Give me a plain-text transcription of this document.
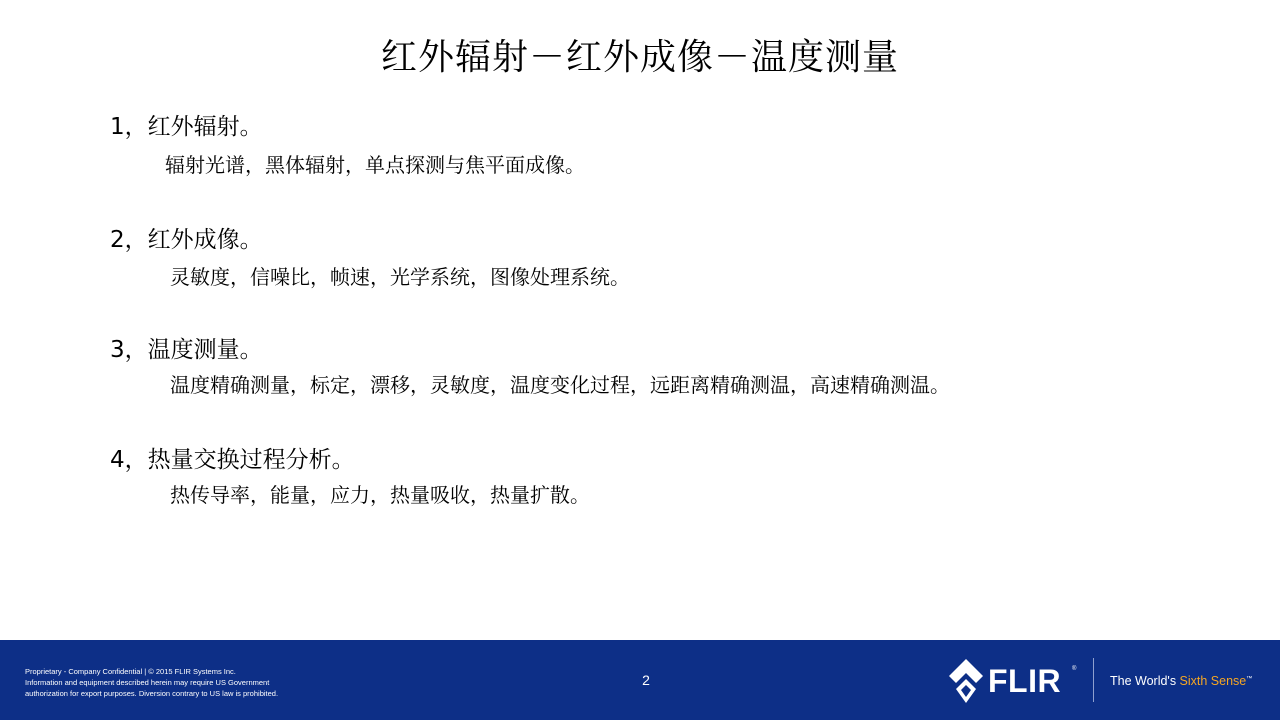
红外辐射－红外成像－温度测量
1，红外辐射。
辐射光谱，黑体辐射，单点探测与焦平面成像。
2，红外成像。
灵敏度，信噪比，帧速，光学系统，图像处理系统。
3，温度测量。
温度精确测量，标定，漂移，灵敏度，温度变化过程，远距离精确测温，高速精确测温。
4，热量交换过程分析。
热传导率，能量，应力，热量吸收，热量扩散。
Proprietary - Company Confidential | © 2015 FLIR Systems Inc.
Information and equipment described herein may require US Government
authorization for export purposes. Diversion contrary to US law is prohibited.
2	FLIR ®
The World's Sixth Sense™
